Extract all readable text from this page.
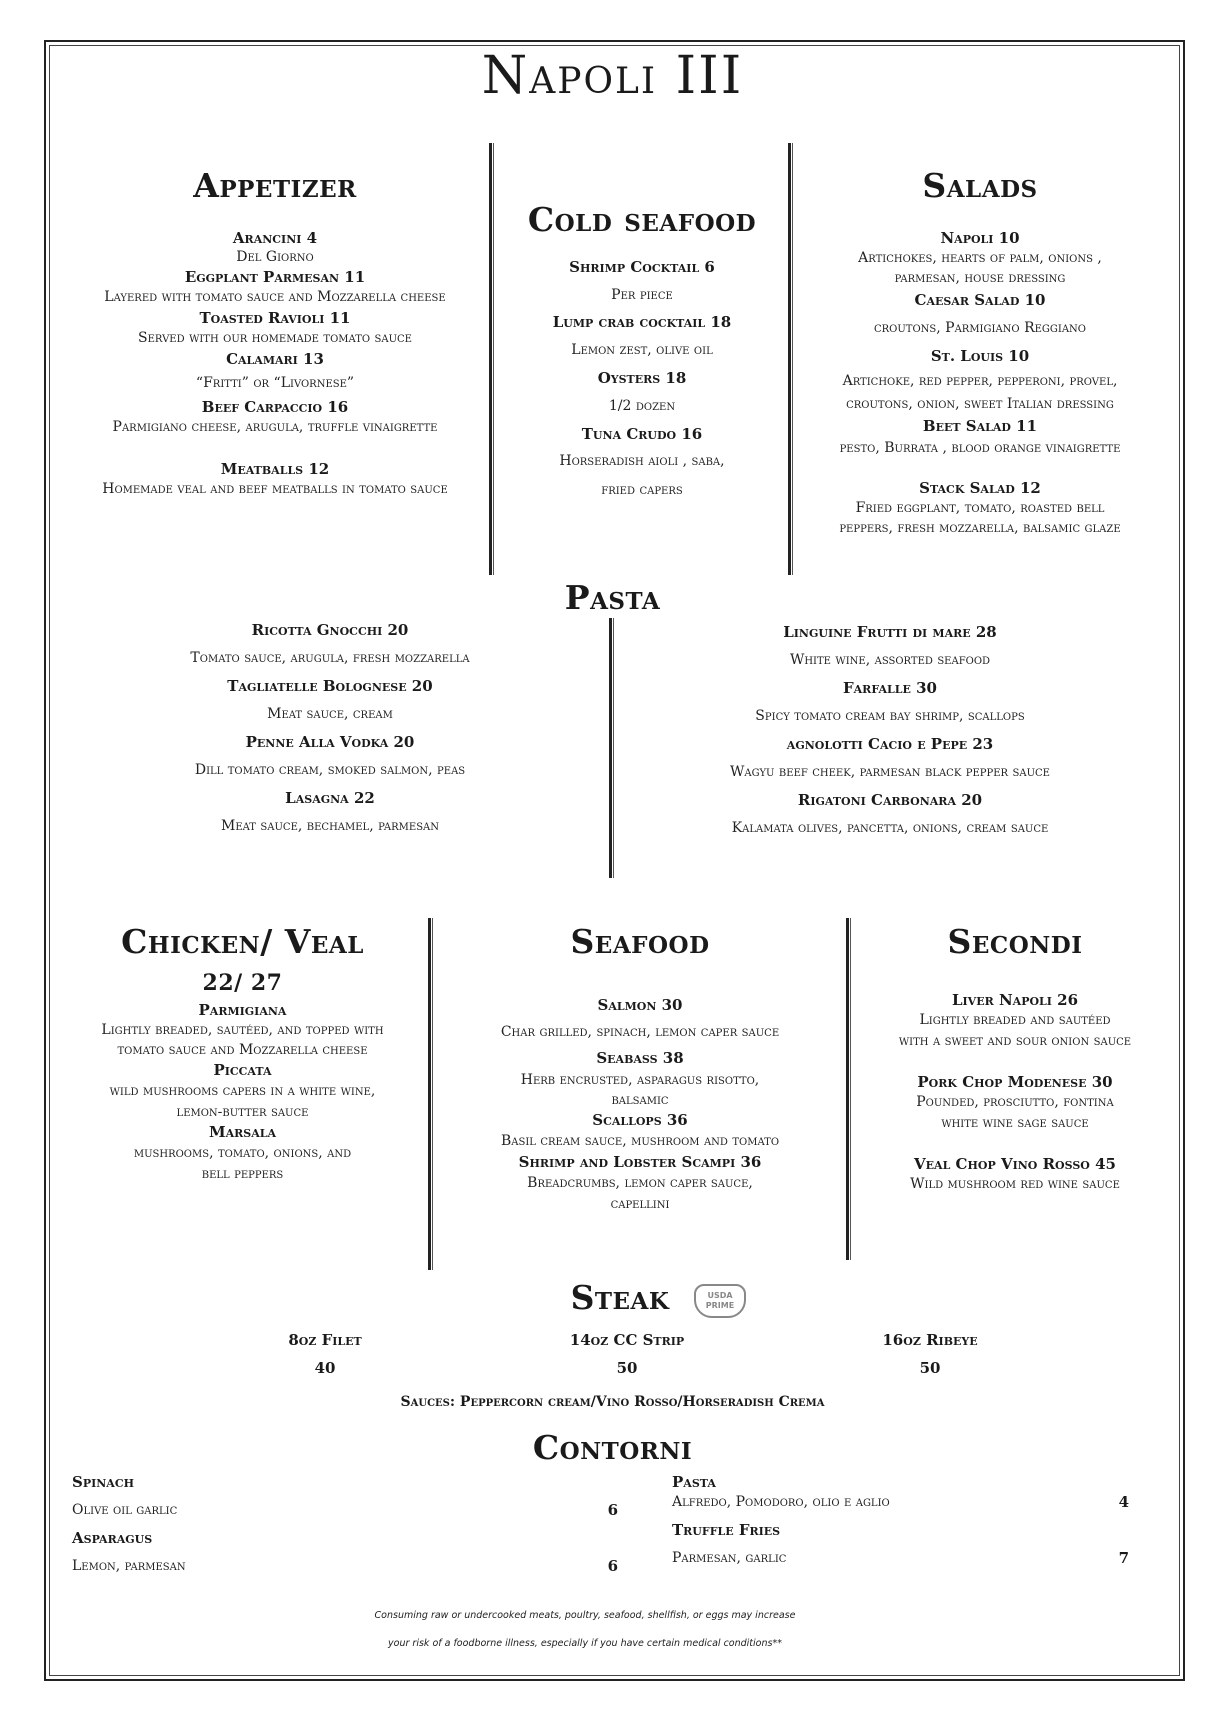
Napoli III
Appetizer
Arancini 4
Del Giorno
Eggplant Parmesan 11
Layered with tomato sauce and Mozzarella cheese
Toasted Ravioli 11
Served with our homemade tomato sauce
Calamari 13
“Fritti” or “Livornese”
Beef Carpaccio 16
Parmigiano cheese, arugula, truffle vinaigrette
Meatballs 12
Homemade veal and beef meatballs in tomato sauce
Cold seafood
Shrimp Cocktail 6
Per piece
Lump crab cocktail 18
Lemon zest, olive oil
Oysters 18
1/2 dozen
Tuna Crudo 16
Horseradish aioli , saba,
fried capers
Salads
Napoli 10
Artichokes, hearts of palm, onions ,
parmesan, house dressing
Caesar Salad 10
croutons, Parmigiano Reggiano
St. Louis 10
Artichoke, red pepper, pepperoni, provel,
croutons, onion, sweet Italian dressing
Beet Salad 11
pesto, Burrata , blood orange vinaigrette
Stack Salad 12
Fried eggplant, tomato, roasted bell
peppers, fresh mozzarella, balsamic glaze
Pasta
Ricotta Gnocchi 20
Tomato sauce, arugula, fresh mozzarella
Tagliatelle Bolognese 20
Meat sauce, cream
Penne Alla Vodka 20
Dill tomato cream, smoked salmon, peas
Lasagna 22
Meat sauce, bechamel, parmesan
Linguine Frutti di mare 28
White wine, assorted seafood
Farfalle 30
Spicy tomato cream bay shrimp, scallops
agnolotti Cacio e Pepe 23
Wagyu beef cheek, parmesan black pepper sauce
Rigatoni Carbonara 20
Kalamata olives, pancetta, onions, cream sauce
Chicken/ Veal
22/ 27
Parmigiana
Lightly breaded, sautéed, and topped with
tomato sauce and Mozzarella cheese
Piccata
wild mushrooms capers in a white wine,
lemon-butter sauce
Marsala
mushrooms, tomato, onions, and
bell peppers
Seafood
Salmon 30
Char grilled, spinach, lemon caper sauce
Seabass 38
Herb encrusted, asparagus risotto,
balsamic
Scallops 36
Basil cream sauce, mushroom and tomato
Shrimp and Lobster Scampi 36
Breadcrumbs, lemon caper sauce,
capellini
Secondi
Liver Napoli 26
Lightly breaded and sautéed
with a sweet and sour onion sauce
Pork Chop Modenese 30
Pounded, prosciutto, fontina
white wine sage sauce
Veal Chop Vino Rosso 45
Wild mushroom red wine sauce
Steak	USDA
PRIME
8oz Filet
40
14oz CC Strip
50
16oz Ribeye
50
Sauces: Peppercorn cream/Vino Rosso/Horseradish Crema
Contorni
Spinach
Olive oil garlic	6
Asparagus
Lemon, parmesan	6
Pasta
Alfredo, Pomodoro, olio e aglio	4
Truffle Fries
Parmesan, garlic	7
Consuming raw or undercooked meats, poultry, seafood, shellfish, or eggs may increase
your risk of a foodborne illness, especially if you have certain medical conditions**
